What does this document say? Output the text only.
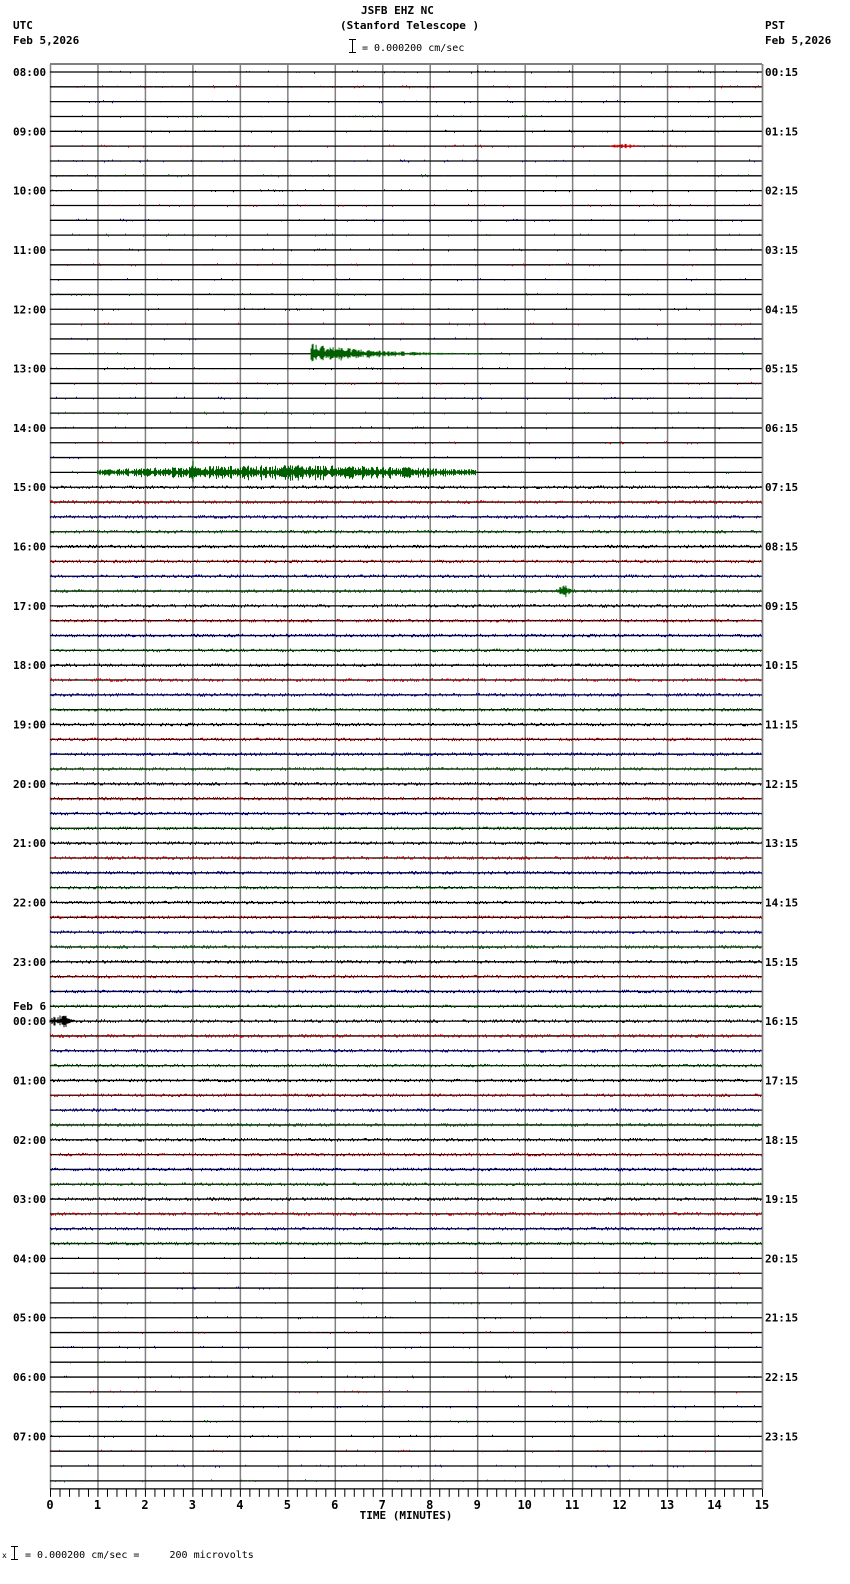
UTC
Feb 5,2026
JSFB EHZ NC
(Stanford Telescope )
= 0.000200 cm/sec
PST
Feb 5,2026
08:00
09:00
10:00
11:00
12:00
13:00
14:00
15:00
16:00
17:00
18:00
19:00
20:00
21:00
22:00
23:00
00:00
01:00
02:00
03:00
04:00
05:00
06:00
07:00
00:15
01:15
02:15
03:15
04:15
05:15
06:15
07:15
08:15
09:15
10:15
11:15
12:15
13:15
14:15
15:15
16:15
17:15
18:15
19:15
20:15
21:15
22:15
23:15
Feb 6
0	1	2	3	4	5	6	7	8	9	10	11	12	13	14	15
TIME (MINUTES)
x = 0.000200 cm/sec =     200 microvolts
